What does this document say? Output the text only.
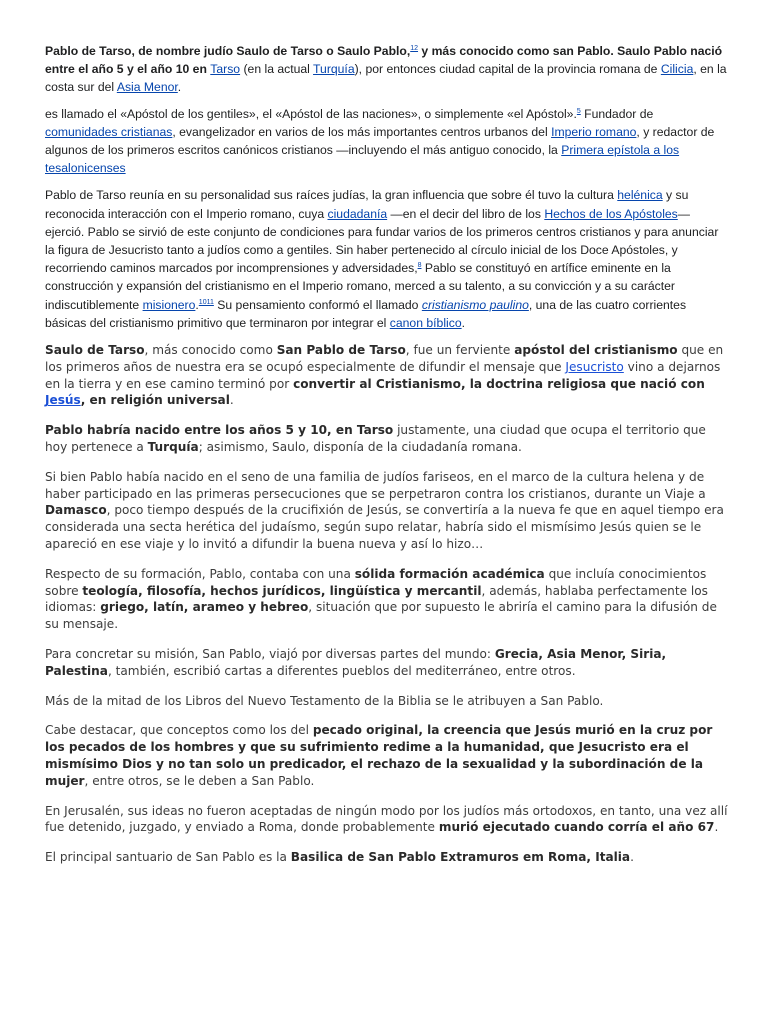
Pablo de Tarso, de nombre judío Saulo de Tarso o Saulo Pablo,$^{12}$ y más conocido como san Pablo. Saulo Pablo nació entre el año 5 y el año 10 en Tarso (en la actual Turquía), por entonces ciudad capital de la provincia romana de Cilicia, en la costa sur del Asia Menor.

es llamado el «Apóstol de los gentiles», el «Apóstol de las naciones», o simplemente «el Apóstol».$^5$ Fundador de comunidades cristianas, evangelizador en varios de los más importantes centros urbanos del Imperio romano, y redactor de algunos de los primeros escritos canónicos cristianos —incluyendo el más antiguo conocido, la Primera epístola a los tesalonicenses

Pablo de Tarso reunía en su personalidad sus raíces judías, la gran influencia que sobre él tuvo la cultura helénica y su reconocida interacción con el Imperio romano, cuya ciudadanía —en el decir del libro de los Hechos de los Apóstoles— ejerció. Pablo se sirvió de este conjunto de condiciones para fundar varios de los primeros centros cristianos y para anunciar la figura de Jesucristo tanto a judíos como a gentiles. Sin haber pertenecido al círculo inicial de los Doce Apóstoles, y recorriendo caminos marcados por incomprensiones y adversidades,$^8$ Pablo se constituyó en artífice eminente en la construcción y expansión del cristianismo en el Imperio romano, merced a su talento, a su convicción y a su carácter indiscutiblemente misionero.$^{1011}$ Su pensamiento conformó el llamado cristianismo paulino, una de las cuatro corrientes básicas del cristianismo primitivo que terminaron por integrar el canon bíblico.

Saulo de Tarso, más conocido como San Pablo de Tarso, fue un ferviente apóstol del cristianismo que en los primeros años de nuestra era se ocupó especialmente de difundir el mensaje que Jesucristo vino a dejarnos en la tierra y en ese camino terminó por convertir al Cristianismo, la doctrina religiosa que nació con Jesús, en religión universal.

Pablo habría nacido entre los años 5 y 10, en Tarso justamente, una ciudad que ocupa el territorio que hoy pertenece a Turquía; asimismo, Saulo, disponía de la ciudadanía romana.

Si bien Pablo había nacido en el seno de una familia de judíos fariseos, en el marco de la cultura helena y de haber participado en las primeras persecuciones que se perpetraron contra los cristianos, durante un Viaje a Damasco, poco tiempo después de la crucifixión de Jesús, se convertiría a la nueva fe que en aquel tiempo era considerada una secta herética del judaísmo, según supo relatar, habría sido el mismísimo Jesús quien se le apareció en ese viaje y lo invitó a difundir la buena nueva y así lo hizo…

Respecto de su formación, Pablo, contaba con una sólida formación académica que incluía conocimientos sobre teología, filosofía, hechos jurídicos, lingüística y mercantil, además, hablaba perfectamente los idiomas: griego, latín, arameo y hebreo, situación que por supuesto le abriría el camino para la difusión de su mensaje.

Para concretar su misión, San Pablo, viajó por diversas partes del mundo: Grecia, Asia Menor, Siria, Palestina, también, escribió cartas a diferentes pueblos del mediterráneo, entre otros.

Más de la mitad de los Libros del Nuevo Testamento de la Biblia se le atribuyen a San Pablo.

Cabe destacar, que conceptos como los del pecado original, la creencia que Jesús murió en la cruz por los pecados de los hombres y que su sufrimiento redime a la humanidad, que Jesucristo era el mismísimo Dios y no tan solo un predicador, el rechazo de la sexualidad y la subordinación de la mujer, entre otros, se le deben a San Pablo.

En Jerusalén, sus ideas no fueron aceptadas de ningún modo por los judíos más ortodoxos, en tanto, una vez allí fue detenido, juzgado, y enviado a Roma, donde probablemente murió ejecutado cuando corría el año 67.

El principal santuario de San Pablo es la Basilica de San Pablo Extramuros em Roma, Italia.
